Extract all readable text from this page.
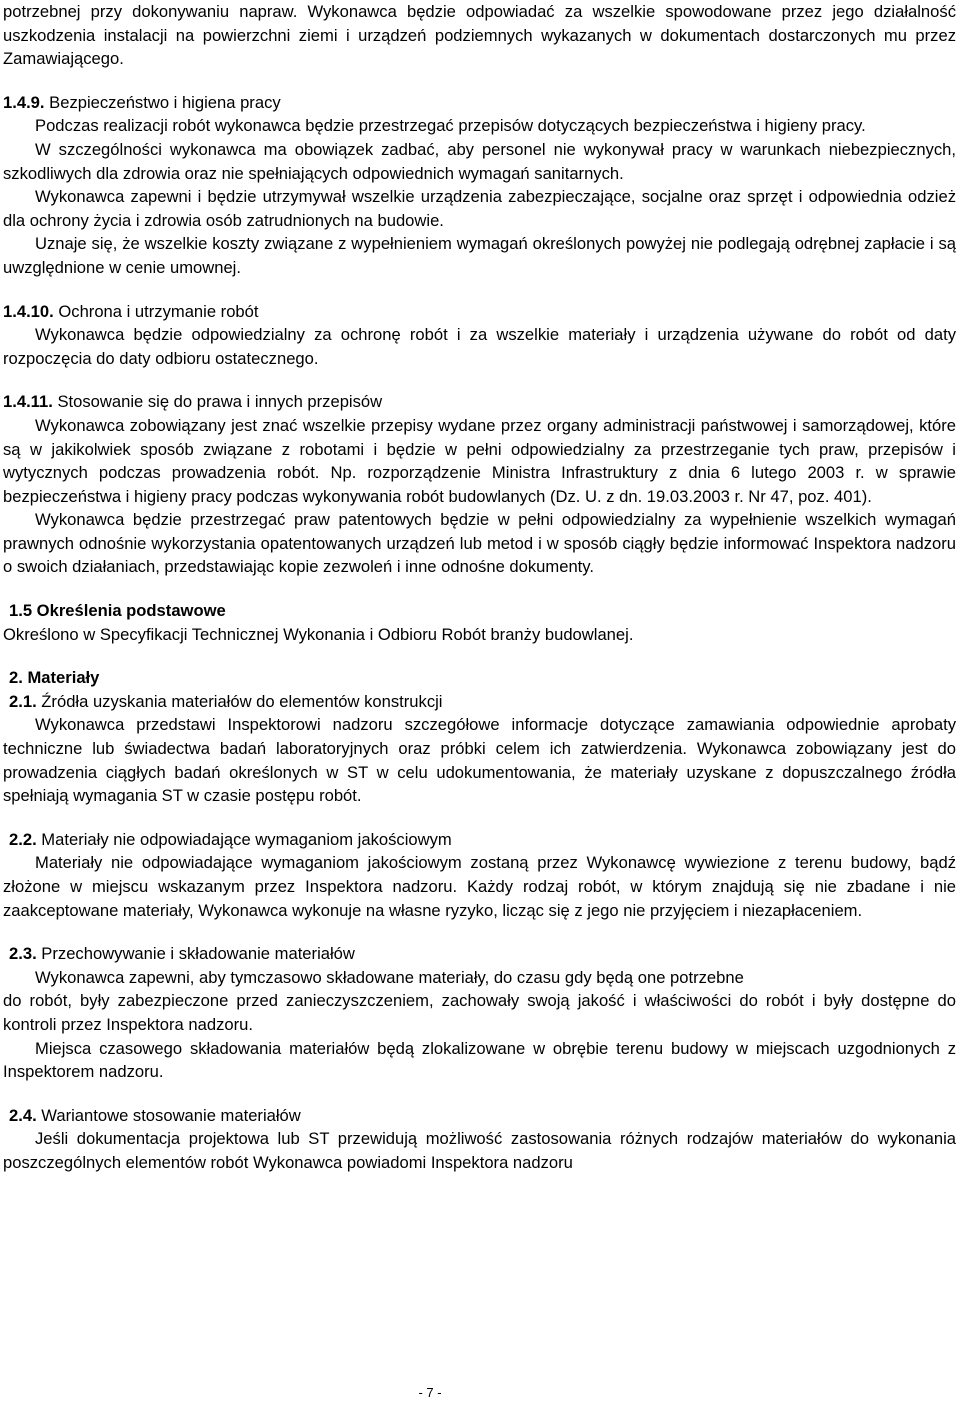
potrzebnej przy dokonywaniu napraw. Wykonawca będzie odpowiadać za wszelkie spowodowane przez jego działalność uszkodzenia instalacji na powierzchni ziemi i urządzeń podziemnych wykazanych w dokumentach dostarczonych mu przez Zamawiającego.

1.4.9. Bezpieczeństwo i higiena pracy

Podczas realizacji robót wykonawca będzie przestrzegać przepisów dotyczących bezpieczeństwa i higieny pracy.

W szczególności wykonawca ma obowiązek zadbać, aby personel nie wykonywał pracy w warunkach niebezpiecznych, szkodliwych dla zdrowia oraz nie spełniających odpowiednich wymagań sanitarnych.

Wykonawca zapewni i będzie utrzymywał wszelkie urządzenia zabezpieczające, socjalne oraz sprzęt i odpowiednia odzież dla ochrony życia i zdrowia osób zatrudnionych na budowie.

Uznaje się, że wszelkie koszty związane z wypełnieniem wymagań określonych powyżej nie podlegają odrębnej zapłacie i są uwzględnione w cenie umownej.

1.4.10. Ochrona i utrzymanie robót

Wykonawca będzie odpowiedzialny za ochronę robót i za wszelkie materiały i urządzenia używane do robót od daty rozpoczęcia do daty odbioru ostatecznego.

1.4.11. Stosowanie się do prawa i innych przepisów

Wykonawca zobowiązany jest znać wszelkie przepisy wydane przez organy administracji państwowej i samorządowej, które są w jakikolwiek sposób związane z robotami i będzie w pełni odpowiedzialny za przestrzeganie tych praw, przepisów i wytycznych podczas prowadzenia robót. Np. rozporządzenie Ministra Infrastruktury z dnia 6 lutego 2003 r. w sprawie bezpieczeństwa i higieny pracy podczas wykonywania robót budowlanych (Dz. U. z dn. 19.03.2003 r. Nr 47, poz. 401).

Wykonawca będzie przestrzegać praw patentowych będzie w pełni odpowiedzialny za wypełnienie wszelkich wymagań prawnych odnośnie wykorzystania opatentowanych urządzeń lub metod i w sposób ciągły będzie informować Inspektora nadzoru o swoich działaniach, przedstawiając kopie zezwoleń i inne odnośne dokumenty.

1.5 Określenia podstawowe

Określono w Specyfikacji Technicznej Wykonania i Odbioru Robót branży budowlanej.

2. Materiały

2.1. Źródła uzyskania materiałów do elementów konstrukcji

Wykonawca przedstawi Inspektorowi nadzoru szczegółowe informacje dotyczące zamawiania odpowiednie aprobaty techniczne lub świadectwa badań laboratoryjnych oraz próbki celem ich zatwierdzenia. Wykonawca zobowiązany jest do prowadzenia ciągłych badań określonych w ST w celu udokumentowania, że materiały uzyskane z dopuszczalnego źródła spełniają wymagania ST w czasie postępu robót.

2.2. Materiały nie odpowiadające wymaganiom jakościowym

Materiały nie odpowiadające wymaganiom jakościowym zostaną przez Wykonawcę wywiezione z terenu budowy, bądź złożone w miejscu wskazanym przez Inspektora nadzoru. Każdy rodzaj robót, w którym znajdują się nie zbadane i nie zaakceptowane materiały, Wykonawca wykonuje na własne ryzyko, licząc się z jego nie przyjęciem i niezapłaceniem.

2.3. Przechowywanie i składowanie materiałów

Wykonawca zapewni, aby tymczasowo składowane materiały, do czasu gdy będą one potrzebne

do robót, były zabezpieczone przed zanieczyszczeniem, zachowały swoją jakość i właściwości do robót i były dostępne do kontroli przez Inspektora nadzoru.

Miejsca czasowego składowania materiałów będą zlokalizowane w obrębie terenu budowy w miejscach uzgodnionych z Inspektorem nadzoru.

2.4. Wariantowe stosowanie materiałów

Jeśli dokumentacja projektowa lub ST przewidują możliwość zastosowania różnych rodzajów materiałów do wykonania poszczególnych elementów robót Wykonawca powiadomi Inspektora nadzoru

- 7 -
